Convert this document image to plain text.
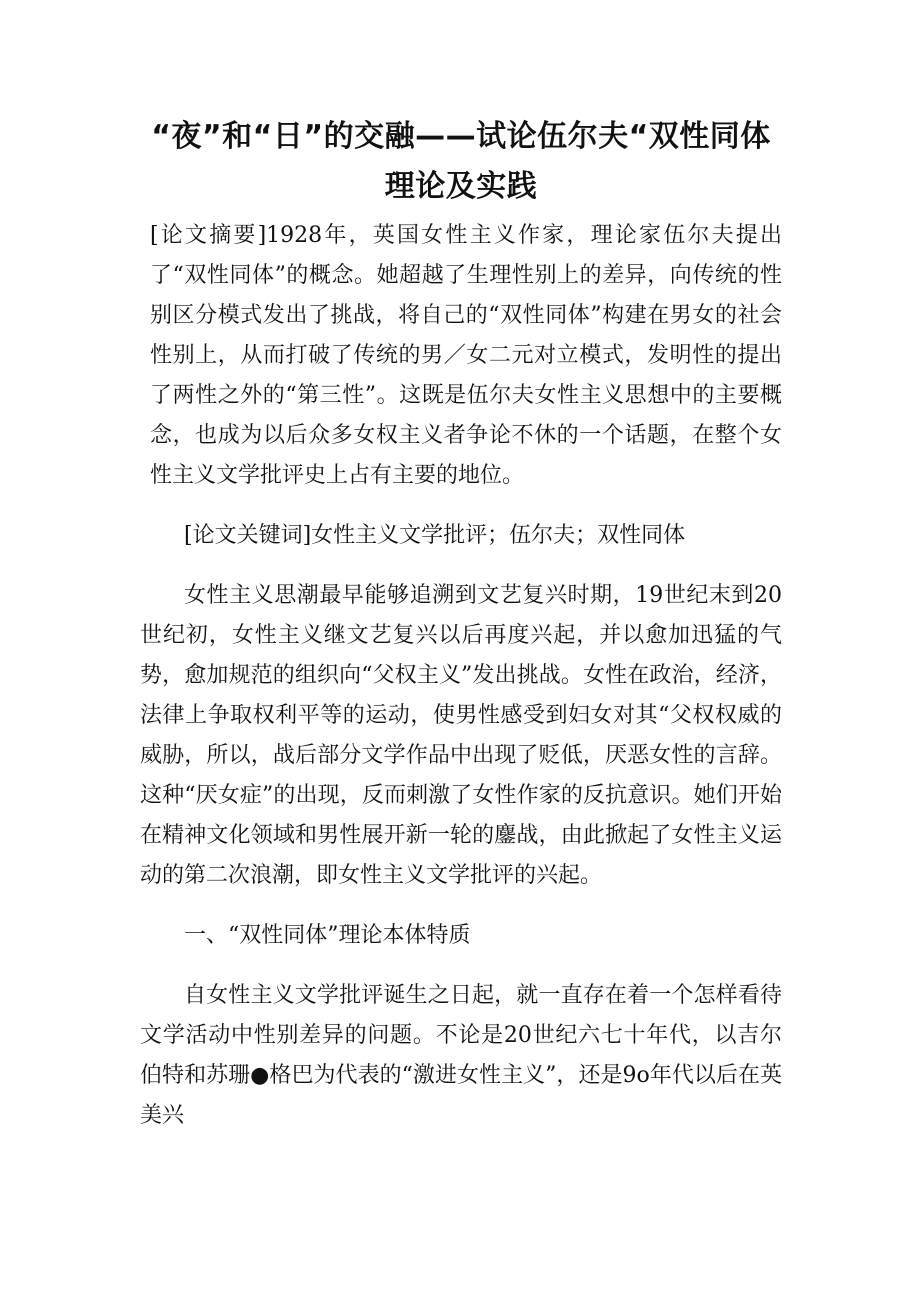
“夜”和“日”的交融——试论伍尔夫“双性同体理论及实践

[论文摘要]1928年，英国女性主义作家，理论家伍尔夫提出了“双性同体”的概念。她超越了生理性别上的差异，向传统的性别区分模式发出了挑战，将自己的“双性同体”构建在男女的社会性别上，从而打破了传统的男／女二元对立模式，发明性的提出了两性之外的“第三性”。这既是伍尔夫女性主义思想中的主要概念，也成为以后众多女权主义者争论不休的一个话题，在整个女性主义文学批评史上占有主要的地位。

[论文关键词]女性主义文学批评；伍尔夫；双性同体

女性主义思潮最早能够追溯到文艺复兴时期，19世纪末到20世纪初，女性主义继文艺复兴以后再度兴起，并以愈加迅猛的气势，愈加规范的组织向“父权主义”发出挑战。女性在政治，经济，法律上争取权利平等的运动，使男性感受到妇女对其“父权权威的威胁，所以，战后部分文学作品中出现了贬低，厌恶女性的言辞。这种“厌女症”的出现，反而刺激了女性作家的反抗意识。她们开始在精神文化领域和男性展开新一轮的鏖战，由此掀起了女性主义运动的第二次浪潮，即女性主义文学批评的兴起。

一、“双性同体”理论本体特质

自女性主义文学批评诞生之日起，就一直存在着一个怎样看待文学活动中性别差异的问题。不论是20世纪六七十年代，以吉尔伯特和苏珊●格巴为代表的“激进女性主义”，还是9o年代以后在英美兴
